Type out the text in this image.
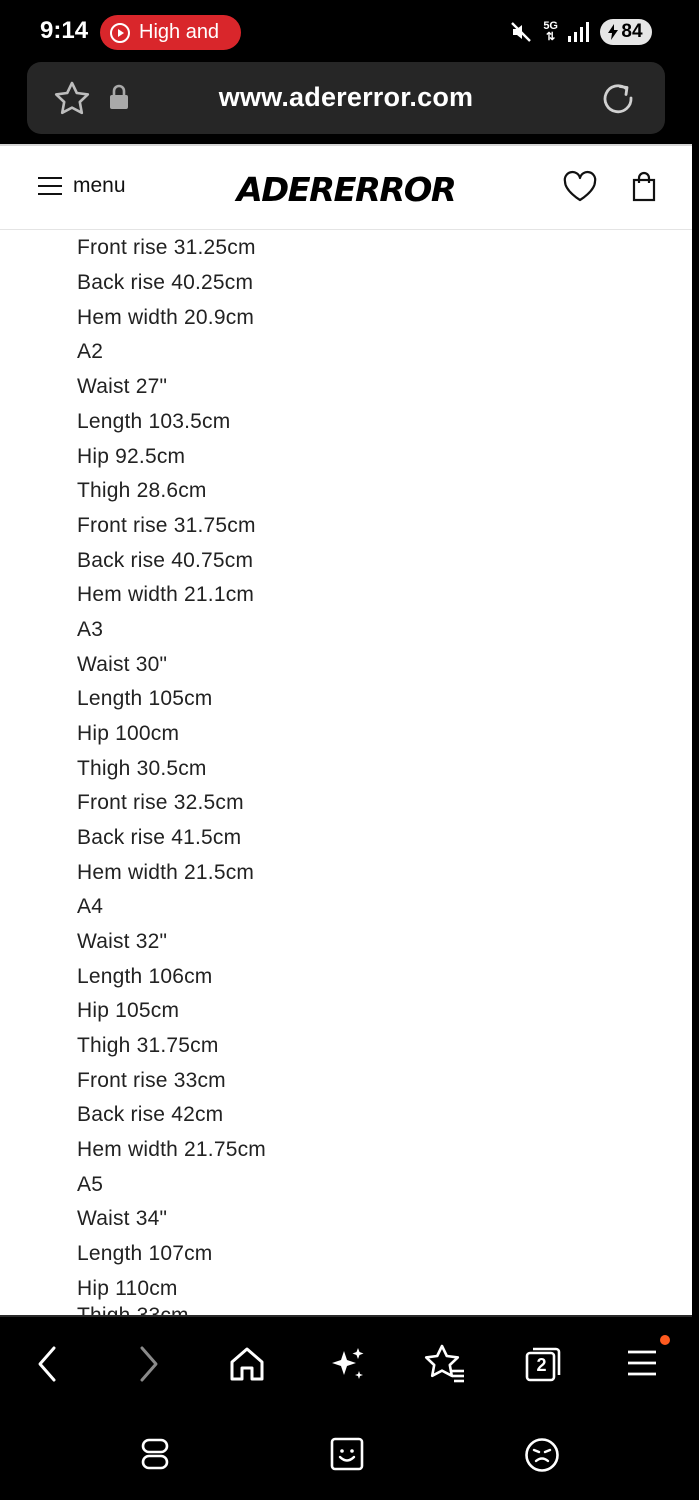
9:14	High and	5G
⇅	84
www.adererror.com
menu	ADERERROR
Front rise 31.25cm
Back rise 40.25cm
Hem width 20.9cm
A2
Waist 27"
Length 103.5cm
Hip 92.5cm
Thigh 28.6cm
Front rise 31.75cm
Back rise 40.75cm
Hem width 21.1cm
A3
Waist 30"
Length 105cm
Hip 100cm
Thigh 30.5cm
Front rise 32.5cm
Back rise 41.5cm
Hem width 21.5cm
A4
Waist 32"
Length 106cm
Hip 105cm
Thigh 31.75cm
Front rise 33cm
Back rise 42cm
Hem width 21.75cm
A5
Waist 34"
Length 107cm
Hip 110cm
2
